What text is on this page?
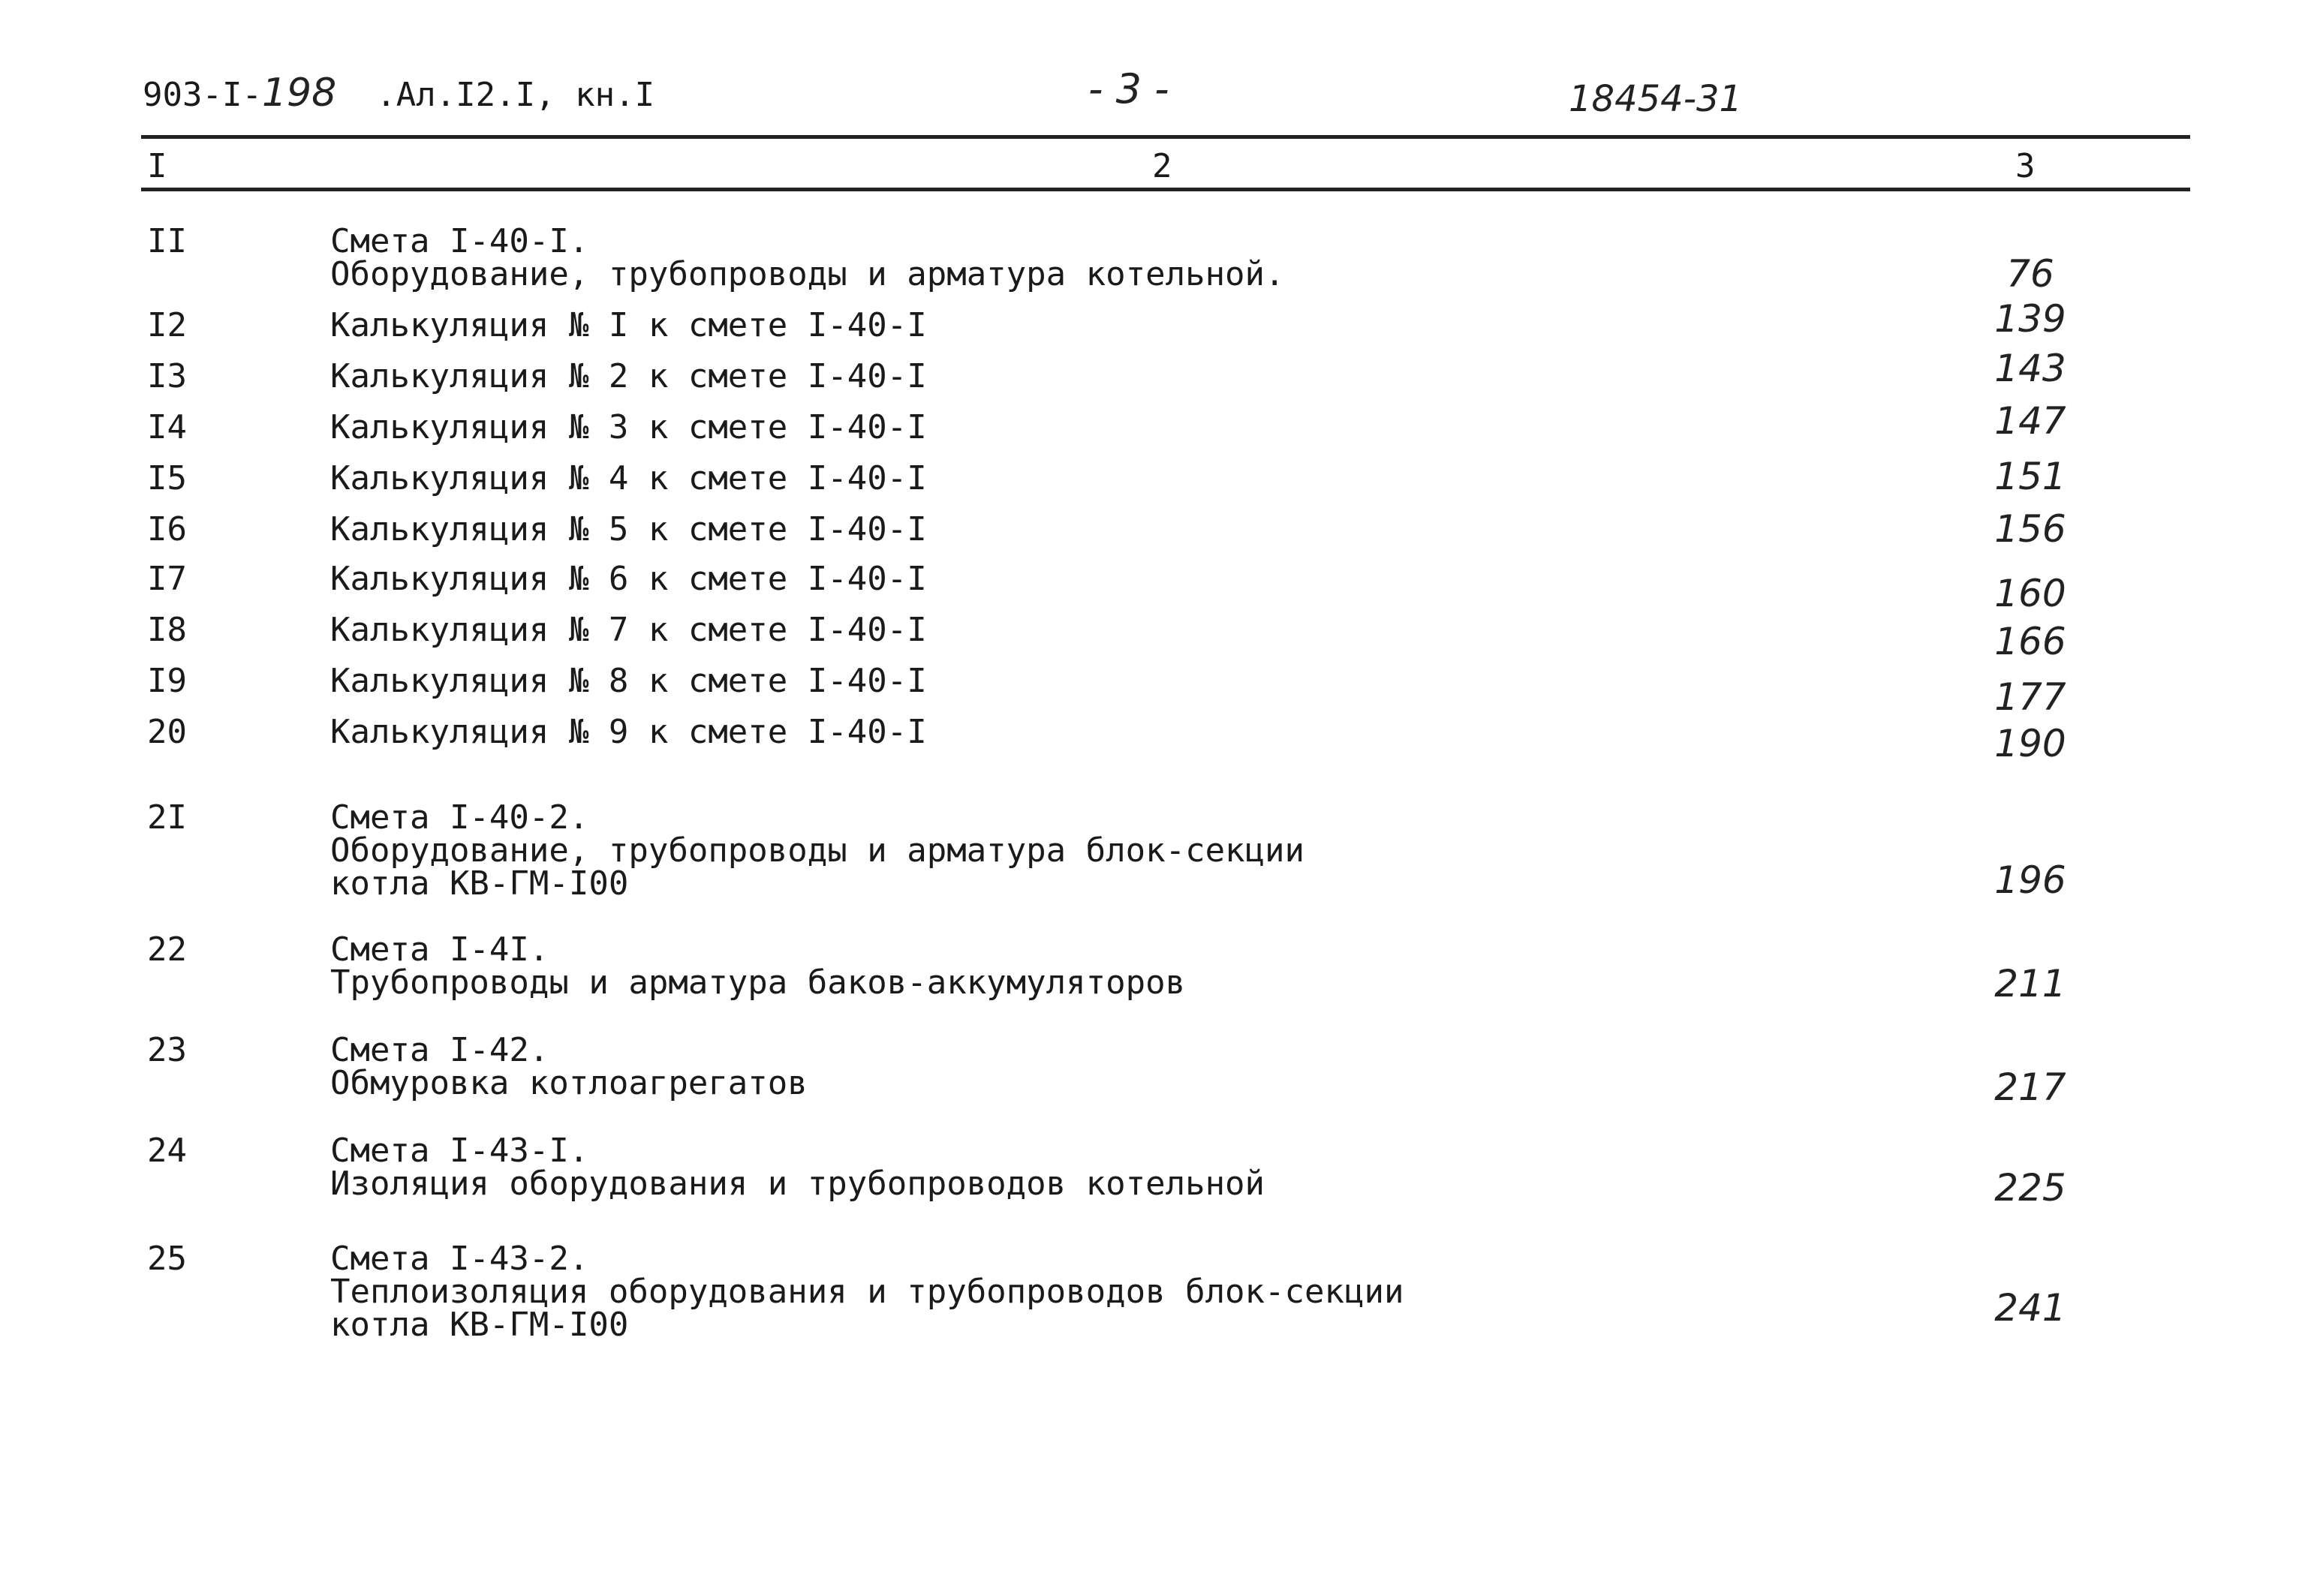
903-I-198 .Ал.I2.I, кн.I	- 3 -	18454-31
I	2	3
II	Смета I-40-I.
Оборудование, трубопроводы и арматура котельной.	76
I2	Калькуляция № I к смете I-40-I	139
I3	Калькуляция № 2 к смете I-40-I	143
I4	Калькуляция № 3 к смете I-40-I	147
I5	Калькуляция № 4 к смете I-40-I	151
I6	Калькуляция № 5 к смете I-40-I	156
I7	Калькуляция № 6 к смете I-40-I	160
I8	Калькуляция № 7 к смете I-40-I	166
I9	Калькуляция № 8 к смете I-40-I	177
20	Калькуляция № 9 к смете I-40-I	190
2I	Смета I-40-2.
Оборудование, трубопроводы и арматура блок-секции
котла КВ-ГМ-I00	196
22	Смета I-4I.
Трубопроводы и арматура баков-аккумуляторов	211
23	Смета I-42.
Обмуровка котлоагрегатов	217
24	Смета I-43-I.
Изоляция оборудования и трубопроводов котельной	225
25	Смета I-43-2.
Теплоизоляция оборудования и трубопроводов блок-секции
котла КВ-ГМ-I00	241
